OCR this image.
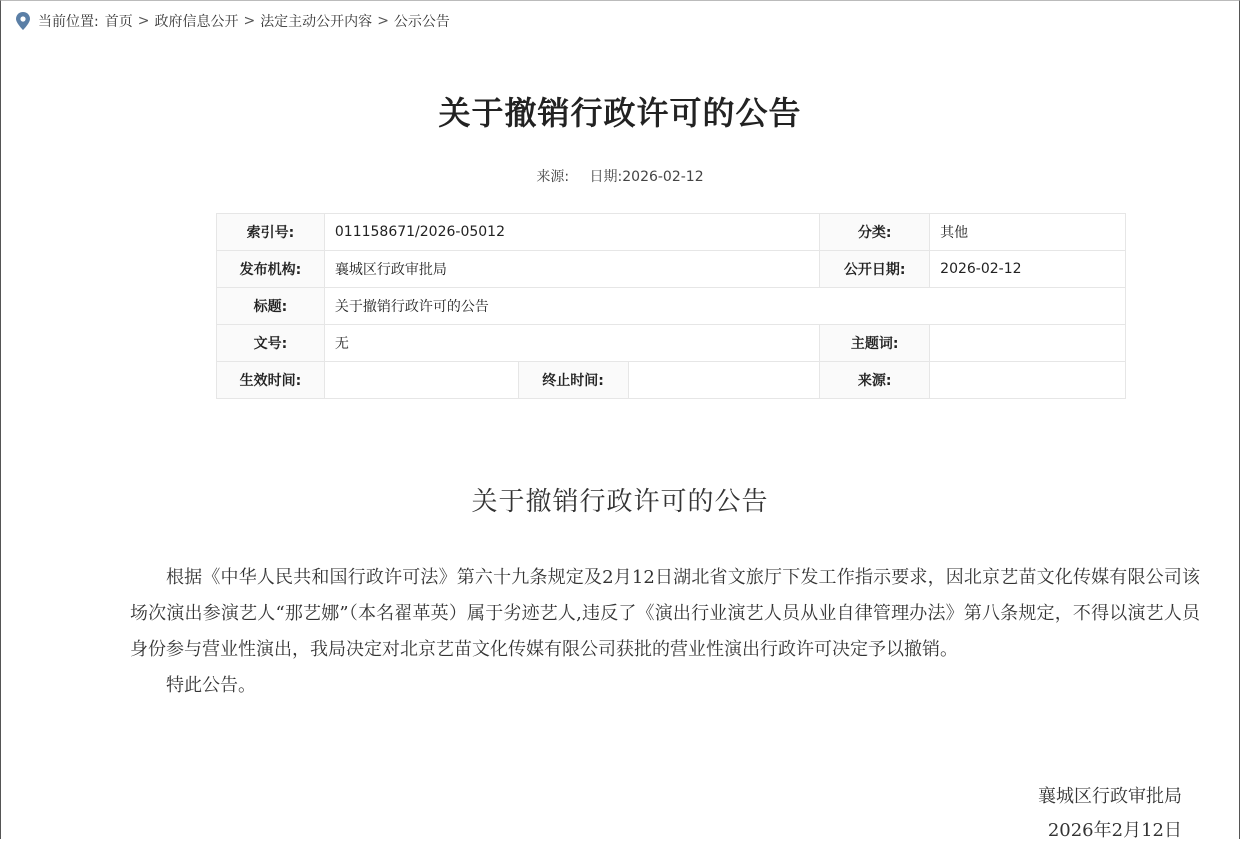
当前位置: 首页 > 政府信息公开 > 法定主动公开内容 > 公示公告
关于撤销行政许可的公告
来源: 日期:2026-02-12
索引号:	011158671/2026-05012			分类:	其他
发布机构:	襄城区行政审批局			公开日期:	2026-02-12
标题:	关于撤销行政许可的公告				
文号:	无			主题词:	
生效时间:		终止时间:		来源:	
关于撤销行政许可的公告

根据《中华人民共和国行政许可法》第六十九条规定及2月12日湖北省文旅厅下发工作指示要求，因北京艺苗文化传媒有限公司该场次演出参演艺人“那艺娜”（本名翟革英）属于劣迹艺人,违反了《演出行业演艺人员从业自律管理办法》第八条规定，不得以演艺人员身份参与营业性演出，我局决定对北京艺苗文化传媒有限公司获批的营业性演出行政许可决定予以撤销。

特此公告。

襄城区行政审批局
2026年2月12日
